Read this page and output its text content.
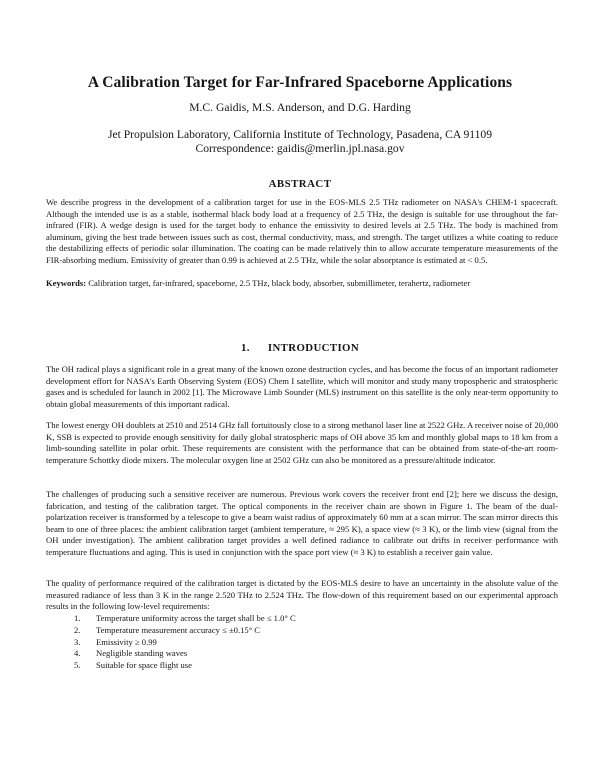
A Calibration Target for Far-Infrared Spaceborne Applications

M.C. Gaidis, M.S. Anderson, and D.G. Harding

Jet Propulsion Laboratory, California Institute of Technology, Pasadena, CA 91109

Correspondence: gaidis@merlin.jpl.nasa.gov

ABSTRACT

We describe progress in the development of a calibration target for use in the EOS-MLS 2.5 THz radiometer on NASA's CHEM-1 spacecraft. Although the intended use is as a stable, isothermal black body load at a frequency of 2.5 THz, the design is suitable for use throughout the far-infrared (FIR). A wedge design is used for the target body to enhance the emissivity to desired levels at 2.5 THz. The body is machined from aluminum, giving the best trade between issues such as cost, thermal conductivity, mass, and strength. The target utilizes a white coating to reduce the destabilizing effects of periodic solar illumination. The coating can be made relatively thin to allow accurate temperature measurements of the FIR-absorbing medium. Emissivity of greater than 0.99 is achieved at 2.5 THz, while the solar absorptance is estimated at < 0.5.

Keywords: Calibration target, far-infrared, spaceborne, 2.5 THz, black body, absorber, submillimeter, terahertz, radiometer

1. INTRODUCTION

The OH radical plays a significant role in a great many of the known ozone destruction cycles, and has become the focus of an important radiometer development effort for NASA's Earth Observing System (EOS) Chem I satellite, which will monitor and study many tropospheric and stratospheric gases and is scheduled for launch in 2002 [1]. The Microwave Limb Sounder (MLS) instrument on this satellite is the only near-term opportunity to obtain global measurements of this important radical.

The lowest energy OH doublets at 2510 and 2514 GHz fall fortuitously close to a strong methanol laser line at 2522 GHz. A receiver noise of 20,000 K, SSB is expected to provide enough sensitivity for daily global stratospheric maps of OH above 35 km and monthly global maps to 18 km from a limb-sounding satellite in polar orbit. These requirements are consistent with the performance that can be obtained from state-of-the-art room-temperature Schottky diode mixers. The molecular oxygen line at 2502 GHz can also be monitored as a pressure/altitude indicator.

The challenges of producing such a sensitive receiver are numerous. Previous work covers the receiver front end [2]; here we discuss the design, fabrication, and testing of the calibration target. The optical components in the receiver chain are shown in Figure 1. The beam of the dual-polarization receiver is transformed by a telescope to give a beam waist radius of approximately 60 mm at a scan mirror. The scan mirror directs this beam to one of three places: the ambient calibration target (ambient temperature, ≈ 295 K), a space view (≈ 3 K), or the limb view (signal from the OH under investigation). The ambient calibration target provides a well defined radiance to calibrate out drifts in receiver performance with temperature fluctuations and aging. This is used in conjunction with the space port view (≈ 3 K) to establish a receiver gain value.

The quality of performance required of the calibration target is dictated by the EOS-MLS desire to have an uncertainty in the absolute value of the measured radiance of less than 3 K in the range 2.520 THz to 2.524 THz. The flow-down of this requirement based on our experimental approach results in the following low-level requirements:

1.	Temperature uniformity across the target shall be ≤ 1.0° C
2.	Temperature measurement accuracy ≤ ±0.15° C
3.	Emissivity ≥ 0.99
4.	Negligible standing waves
5.	Suitable for space flight use
